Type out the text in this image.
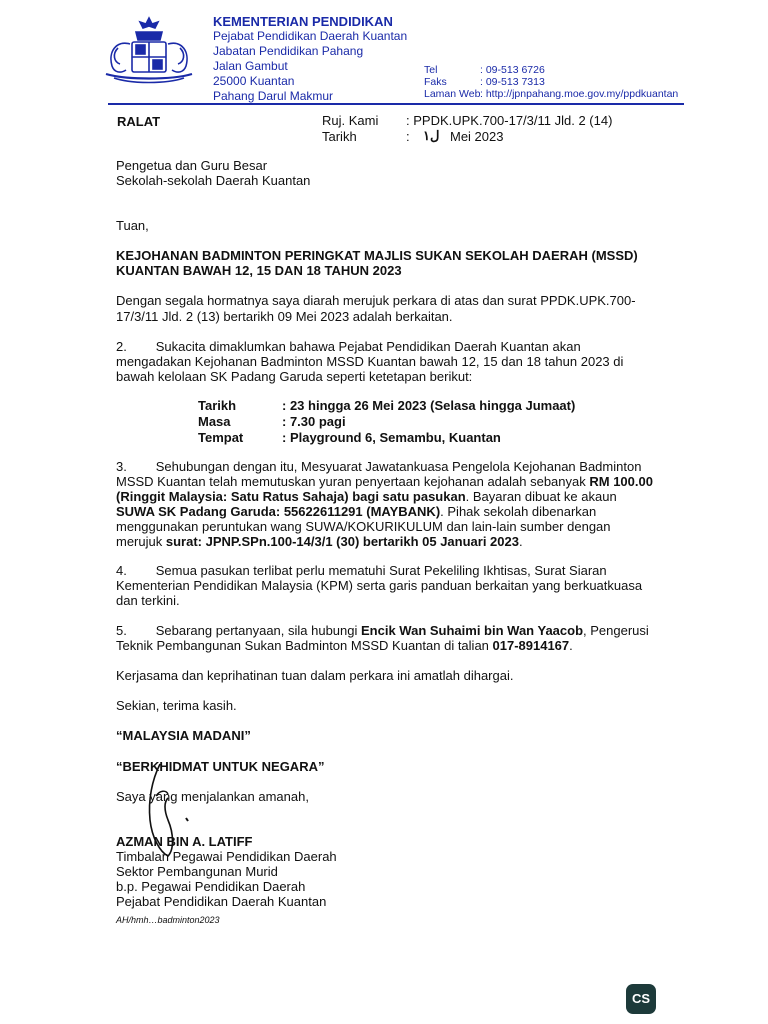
KEMENTERIAN PENDIDIKAN
Pejabat Pendidikan Daerah Kuantan
Jabatan Pendidikan Pahang
Jalan Gambut
25000 Kuantan
Pahang Darul Makmur
Tel	: 09-513 6726
Faks	: 09-513 7313
Laman Web: http://jpnpahang.moe.gov.my/ppdkuantan
RALAT	Ruj. Kami : PPDK.UPK.700-17/3/11 Jld. 2 (14)
Tarikh	: ل١ Mei 2023
Pengetua dan Guru Besar
Sekolah-sekolah Daerah Kuantan
Tuan,
KEJOHANAN BADMINTON PERINGKAT MAJLIS SUKAN SEKOLAH DAERAH (MSSD)
KUANTAN BAWAH 12, 15 DAN 18 TAHUN 2023
Dengan segala hormatnya saya diarah merujuk perkara di atas dan surat PPDK.UPK.700-
17/3/11 Jld. 2 (13) bertarikh 09 Mei 2023 adalah berkaitan.
2.        Sukacita dimaklumkan bahawa Pejabat Pendidikan Daerah Kuantan akan
mengadakan Kejohanan Badminton MSSD Kuantan bawah 12, 15 dan 18 tahun 2023 di
bawah kelolaan SK Padang Garuda seperti ketetapan berikut:
Tarikh	: 23 hingga 26 Mei 2023 (Selasa hingga Jumaat)
Masa	: 7.30 pagi
Tempat	: Playground 6, Semambu, Kuantan
3.        Sehubungan dengan itu, Mesyuarat Jawatankuasa Pengelola Kejohanan Badminton
MSSD Kuantan telah memutuskan yuran penyertaan kejohanan adalah sebanyak RM 100.00
(Ringgit Malaysia: Satu Ratus Sahaja) bagi satu pasukan. Bayaran dibuat ke akaun
SUWA SK Padang Garuda: 55622611291 (MAYBANK). Pihak sekolah dibenarkan
menggunakan peruntukan wang SUWA/KOKURIKULUM dan lain-lain sumber dengan
merujuk surat: JPNP.SPn.100-14/3/1 (30) bertarikh 05 Januari 2023.
4.        Semua pasukan terlibat perlu mematuhi Surat Pekeliling Ikhtisas, Surat Siaran
Kementerian Pendidikan Malaysia (KPM) serta garis panduan berkaitan yang berkuatkuasa
dan terkini.
5.        Sebarang pertanyaan, sila hubungi Encik Wan Suhaimi bin Wan Yaacob, Pengerusi
Teknik Pembangunan Sukan Badminton MSSD Kuantan di talian 017-8914167.
Kerjasama dan keprihatinan tuan dalam perkara ini amatlah dihargai.
Sekian, terima kasih.
“MALAYSIA MADANI”
“BERKHIDMAT UNTUK NEGARA”
Saya yang menjalankan amanah,
AZMAN BIN A. LATIFF
Timbalan Pegawai Pendidikan Daerah
Sektor Pembangunan Murid
b.p. Pegawai Pendidikan Daerah
Pejabat Pendidikan Daerah Kuantan
AH/hmh…badminton2023
CS
